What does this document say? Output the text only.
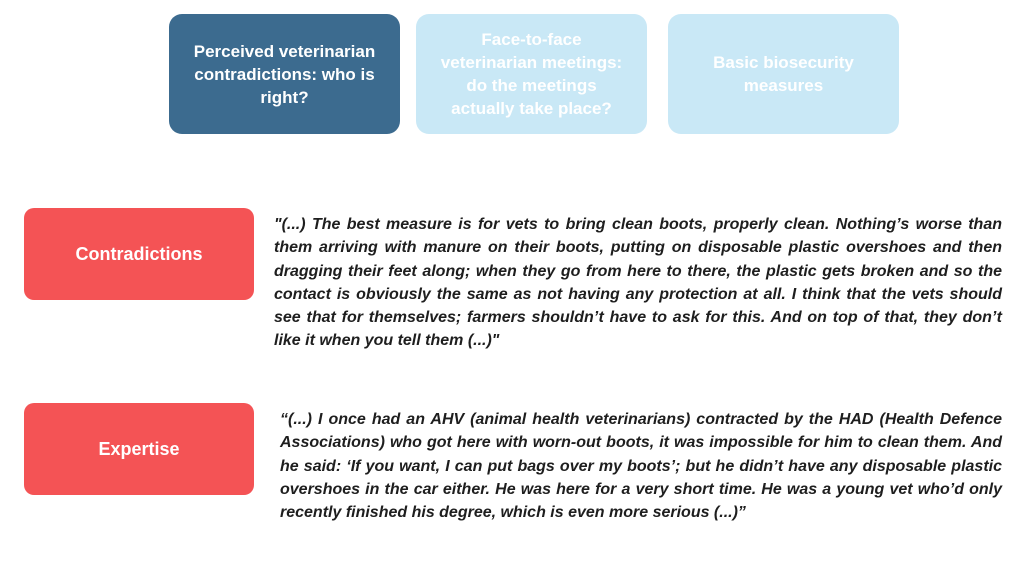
Perceived veterinarian contradictions: who is right?
Face-to-face veterinarian meetings: do the meetings actually take place?
Basic biosecurity measures
Contradictions
"(...) The best measure is for vets to bring clean boots, properly clean. Nothing’s worse than them arriving with manure on their boots, putting on disposable plastic overshoes and then dragging their feet along; when they go from here to there, the plastic gets broken and so the contact is obviously the same as not having any protection at all. I think that the vets should see that for themselves; farmers shouldn’t have to ask for this. And on top of that, they don’t like it when you tell them (...)"
Expertise
“(...) I once had an AHV (animal health veterinarians) contracted by the HAD (Health Defence Associations) who got here with worn-out boots, it was impossible for him to clean them. And he said: ‘If you want, I can put bags over my boots’; but he didn’t have any disposable plastic overshoes in the car either. He was here for a very short time. He was a young vet who’d only recently finished his degree, which is even more serious (...)”
